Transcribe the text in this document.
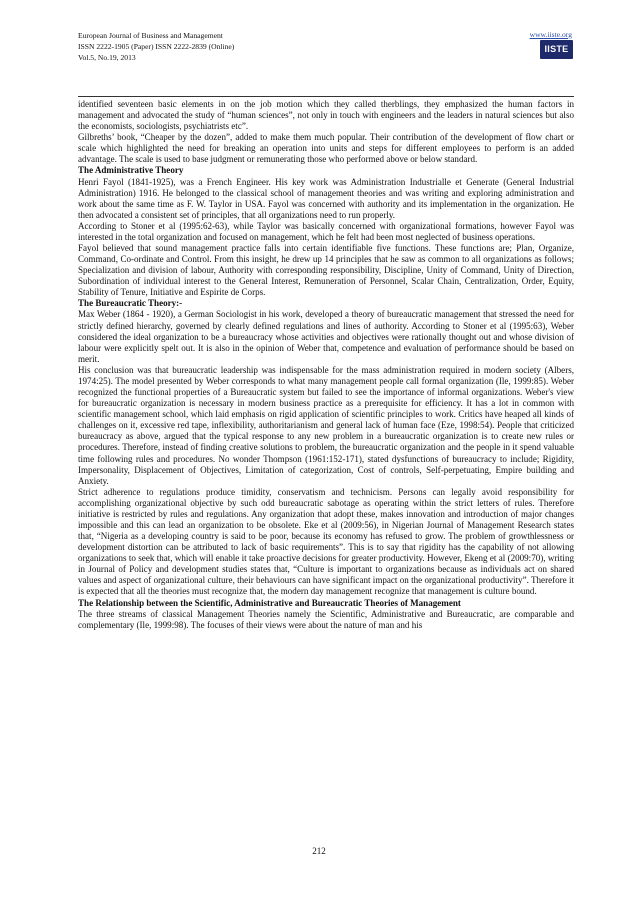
European Journal of Business and Management
ISSN 2222-1905 (Paper) ISSN 2222-2839 (Online)
Vol.5, No.19, 2013
www.iiste.org
IISTE

identified seventeen basic elements in on the job motion which they called therblings, they emphasized the human factors in management and advocated the study of “human sciences”, not only in touch with engineers and the leaders in natural sciences but also the economists, sociologists, psychiatrists etc”.

Gilbreths’ book, “Cheaper by the dozen”, added to make them much popular. Their contribution of the development of flow chart or scale which highlighted the need for breaking an operation into units and steps for different employees to perform is an added advantage. The scale is used to base judgment or remunerating those who performed above or below standard.

The Administrative Theory

Henri Fayol (1841-1925), was a French Engineer. His key work was Administration Industrialle et Generate (General Industrial Administration) 1916. He belonged to the classical school of management theories and was writing and exploring administration and work about the same time as F. W. Taylor in USA. Fayol was concerned with authority and its implementation in the organization. He then advocated a consistent set of principles, that all organizations need to run properly.

According to Stoner et al (1995:62-63), while Taylor was basically concerned with organizational formations, however Fayol was interested in the total organization and focused on management, which he felt had been most neglected of business operations.

Fayol believed that sound management practice falls into certain identifiable five functions. These functions are; Plan, Organize, Command, Co-ordinate and Control. From this insight, he drew up 14 principles that he saw as common to all organizations as follows; Specialization and division of labour, Authority with corresponding responsibility, Discipline, Unity of Command, Unity of Direction, Subordination of individual interest to the General Interest, Remuneration of Personnel, Scalar Chain, Centralization, Order, Equity, Stability of Tenure, Initiative and Espirite de Corps.

The Bureaucratic Theory:-

Max Weber (1864 - 1920), a German Sociologist in his work, developed a theory of bureaucratic management that stressed the need for strictly defined hierarchy, governed by clearly defined regulations and lines of authority. According to Stoner et al (1995:63), Weber considered the ideal organization to be a bureaucracy whose activities and objectives were rationally thought out and whose division of labour were explicitly spelt out. It is also in the opinion of Weber that, competence and evaluation of performance should be based on merit.

His conclusion was that bureaucratic leadership was indispensable for the mass administration required in modern society (Albers, 1974:25). The model presented by Weber corresponds to what many management people call formal organization (Ile, 1999:85). Weber recognized the functional properties of a Bureaucratic system but failed to see the importance of informal organizations. Weber's view for bureaucratic organization is necessary in modern business practice as a prerequisite for efficiency. It has a lot in common with scientific management school, which laid emphasis on rigid application of scientific principles to work. Critics have heaped all kinds of challenges on it, excessive red tape, inflexibility, authoritarianism and general lack of human face (Eze, 1998:54). People that criticized bureaucracy as above, argued that the typical response to any new problem in a bureaucratic organization is to create new rules or procedures. Therefore, instead of finding creative solutions to problem, the bureaucratic organization and the people in it spend valuable time following rules and procedures. No wonder Thompson (1961:152-171), stated dysfunctions of bureaucracy to include; Rigidity, Impersonality, Displacement of Objectives, Limitation of categorization, Cost of controls, Self-perpetuating, Empire building and Anxiety.

Strict adherence to regulations produce timidity, conservatism and technicism. Persons can legally avoid responsibility for accomplishing organizational objective by such odd bureaucratic sabotage as operating within the strict letters of rules. Therefore initiative is restricted by rules and regulations. Any organization that adopt these, makes innovation and introduction of major changes impossible and this can lead an organization to be obsolete. Eke et al (2009:56), in Nigerian Journal of Management Research states that, “Nigeria as a developing country is said to be poor, because its economy has refused to grow. The problem of growthlessness or development distortion can be attributed to lack of basic requirements”. This is to say that rigidity has the capability of not allowing organizations to seek that, which will enable it take proactive decisions for greater productivity. However, Ekeng et al (2009:70), writing in Journal of Policy and development studies states that, “Culture is important to organizations because as individuals act on shared values and aspect of organizational culture, their behaviours can have significant impact on the organizational productivity”. Therefore it is expected that all the theories must recognize that, the modern day management recognize that management is culture bound.

The Relationship between the Scientific, Administrative and Bureaucratic Theories of Management

The three streams of classical Management Theories namely the Scientific, Administrative and Bureaucratic, are comparable and complementary (Ile, 1999:98). The focuses of their views were about the nature of man and his

212
